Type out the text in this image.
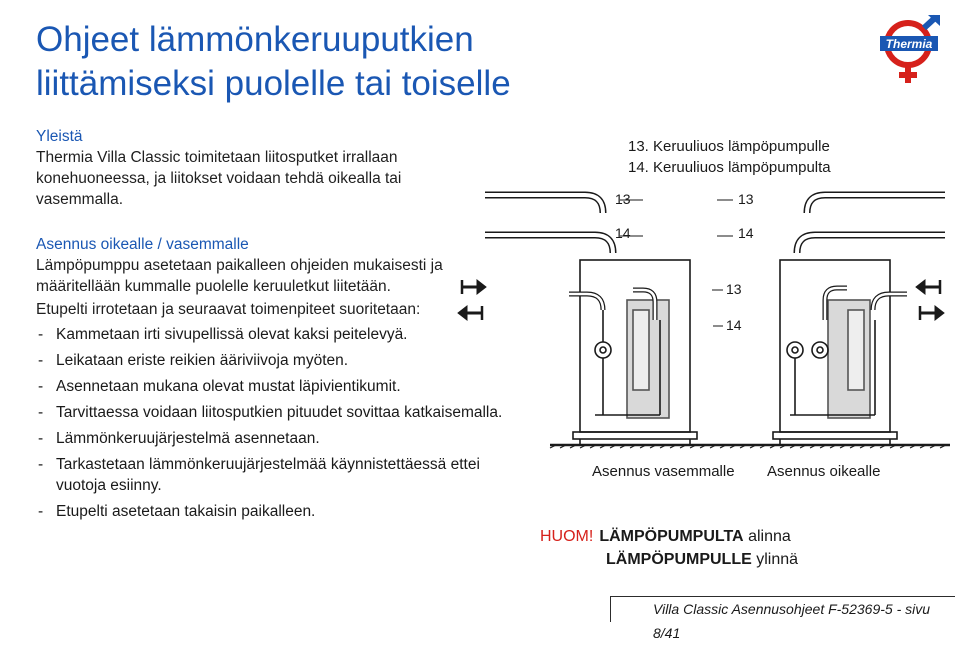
Ohjeet lämmönkeruuputkien
liittämiseksi puolelle tai toiselle
Thermia
Yleistä
Thermia Villa Classic toimitetaan liitosputket irrallaan konehuoneessa, ja liitokset voidaan tehdä oikealla tai vasemmalla.
Asennus oikealle / vasemmalle
Lämpöpumppu asetetaan paikalleen ohjeiden mukaisesti ja määritellään kummalle puolelle keruuletkut liitetään.
Etupelti irrotetaan ja seuraavat toimenpiteet suoritetaan:
- Kammetaan irti sivupellissä olevat kaksi peitelevyä.
- Leikataan eriste reikien ääriviivoja myöten.
- Asennetaan mukana olevat mustat läpivientikumit.
- Tarvittaessa voidaan liitosputkien pituudet sovittaa katkaisemalla.
- Lämmönkeruujärjestelmä asennetaan.
- Tarkastetaan lämmönkeruujärjestelmää käynnistettäessä ettei vuotoja esiinny.
- Etupelti asetetaan takaisin paikalleen.
13. Keruuliuos lämpöpumpulle
14. Keruuliuos lämpöpumpulta
13
14
13
14
13
14
Asennus vasemmalle Asennus oikealle
HUOM! LÄMPÖPUMPULTA alinna
LÄMPÖPUMPULLE ylinnä
Villa Classic Asennusohjeet F-52369-5 - sivu 8/41
